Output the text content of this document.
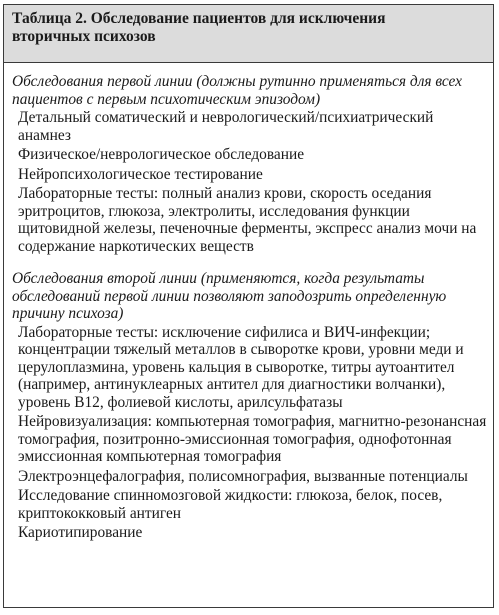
Таблица 2. Обследование пациентов для исключения
вторичных психозов
Обследования первой линии (должны рутинно применяться для всех пациентов с первым психотическим эпизодом)
Детальный соматический и неврологический/психиатрический анамнез
Физическое/неврологическое обследование
Нейропсихологическое тестирование
Лабораторные тесты: полный анализ крови, скорость оседания эритроцитов, глюкоза, электролиты, исследования функции щитовидной железы, печеночные ферменты, экспресс анализ мочи на содержание наркотических веществ
Обследования второй линии (применяются, когда результаты обследований первой линии позволяют заподозрить определенную причину психоза)
Лабораторные тесты: исключение сифилиса и ВИЧ-инфекции; концентрации тяжелый металлов в сыворотке крови, уровни меди и церулоплазмина, уровень кальция в сыворотке, титры аутоантител (например, антинуклеарных антител для диагностики волчанки), уровень B12, фолиевой кислоты, арилсульфатазы
Нейровизуализация: компьютерная томография, магнитно-резонансная томография, позитронно-эмиссионная томография, однофотонная эмиссионная компьютерная томография
Электроэнцефалография, полисомнография, вызванные потенциалы
Исследование спинномозговой жидкости: глюкоза, белок, посев, криптококковый антиген
Кариотипирование
